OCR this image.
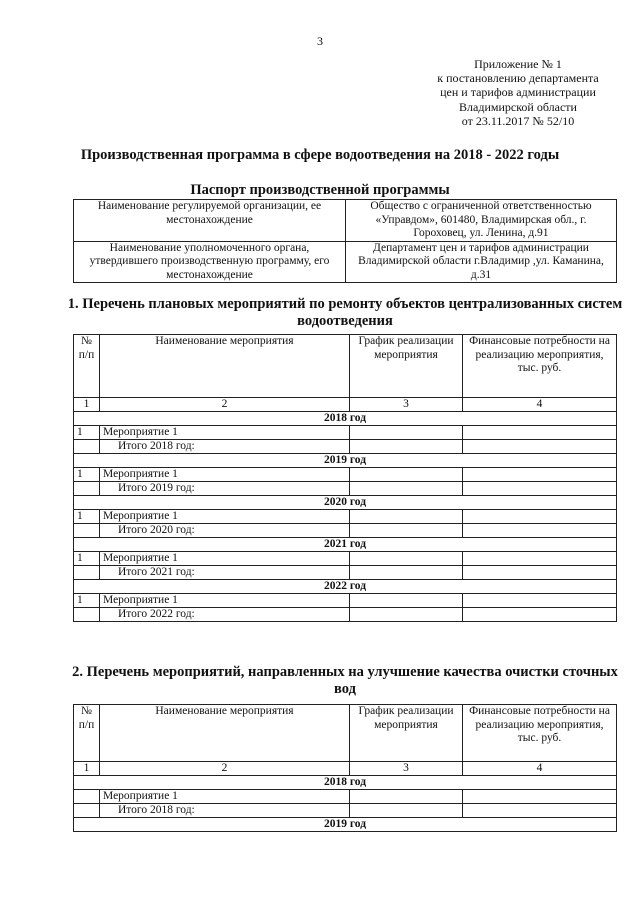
3
Приложение № 1
к постановлению департамента
цен и тарифов администрации
Владимирской области
от 23.11.2017 № 52/10
Производственная программа в сфере водоотведения на 2018 - 2022 годы
Паспорт производственной программы
Наименование регулируемой организации, ее местонахождение	Общество с ограниченной ответственностью «Управдом», 601480, Владимирская обл., г. Гороховец, ул. Ленина, д.91
Наименование уполномоченного органа, утвердившего производственную программу, его местонахождение	Департамент цен и тарифов администрации Владимирской области г.Владимир ,ул. Каманина, д.31
1. Перечень плановых мероприятий по ремонту объектов централизованных систем водоотведения
№ п/п	Наименование мероприятия	График реализации мероприятия	Финансовые потребности на реализацию мероприятия, тыс. руб.
1	2	3	4
2018 год			
1	Мероприятие 1		
	Итого 2018 год:		
2019 год			
1	Мероприятие 1		
	Итого 2019 год:		
2020 год			
1	Мероприятие 1		
	Итого 2020 год:		
2021 год			
1	Мероприятие 1		
	Итого 2021 год:		
2022 год			
1	Мероприятие 1		
	Итого 2022 год:		
2. Перечень мероприятий, направленных на улучшение качества очистки сточных вод
№ п/п	Наименование мероприятия	График реализации мероприятия	Финансовые потребности на реализацию мероприятия, тыс. руб.
1	2	3	4
2018 год			
	Мероприятие 1		
	Итого 2018 год:		
2019 год			
